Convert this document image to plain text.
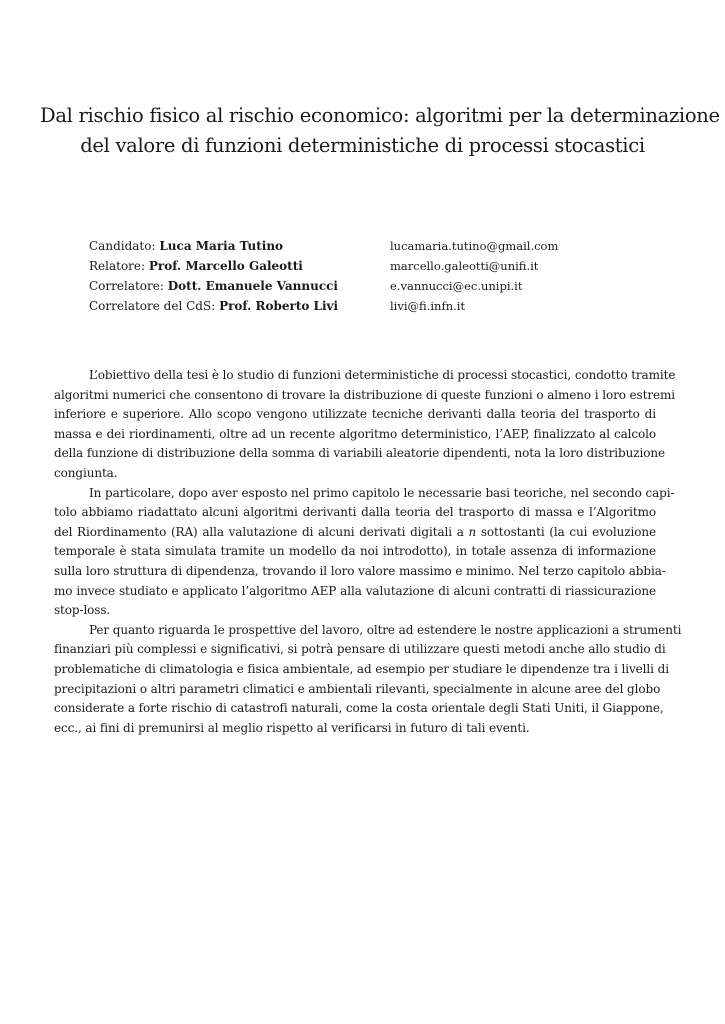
Dal rischio fisico al rischio economico: algoritmi per la determinazione
del valore di funzioni deterministiche di processi stocastici
Candidato: Luca Maria Tutino	lucamaria.tutino@gmail.com
Relatore: Prof. Marcello Galeotti	marcello.galeotti@unifi.it
Correlatore: Dott. Emanuele Vannucci	e.vannucci@ec.unipi.it
Correlatore del CdS: Prof. Roberto Livi	livi@fi.infn.it
L’obiettivo della tesi è lo studio di funzioni deterministiche di processi stocastici, condotto tramite
algoritmi numerici che consentono di trovare la distribuzione di queste funzioni o almeno i loro estremi
inferiore e superiore. Allo scopo vengono utilizzate tecniche derivanti dalla teoria del trasporto di
massa e dei riordinamenti, oltre ad un recente algoritmo deterministico, l’AEP, finalizzato al calcolo
della funzione di distribuzione della somma di variabili aleatorie dipendenti, nota la loro distribuzione
congiunta.
In particolare, dopo aver esposto nel primo capitolo le necessarie basi teoriche, nel secondo capi-
tolo abbiamo riadattato alcuni algoritmi derivanti dalla teoria del trasporto di massa e l’Algoritmo
del Riordinamento (RA) alla valutazione di alcuni derivati digitali a n sottostanti (la cui evoluzione
temporale è stata simulata tramite un modello da noi introdotto), in totale assenza di informazione
sulla loro struttura di dipendenza, trovando il loro valore massimo e minimo. Nel terzo capitolo abbia-
mo invece studiato e applicato l’algoritmo AEP alla valutazione di alcuni contratti di riassicurazione
stop-loss.
Per quanto riguarda le prospettive del lavoro, oltre ad estendere le nostre applicazioni a strumenti
finanziari più complessi e significativi, si potrà pensare di utilizzare questi metodi anche allo studio di
problematiche di climatologia e fisica ambientale, ad esempio per studiare le dipendenze tra i livelli di
precipitazioni o altri parametri climatici e ambientali rilevanti, specialmente in alcune aree del globo
considerate a forte rischio di catastrofi naturali, come la costa orientale degli Stati Uniti, il Giappone,
ecc., ai fini di premunirsi al meglio rispetto al verificarsi in futuro di tali eventi.
